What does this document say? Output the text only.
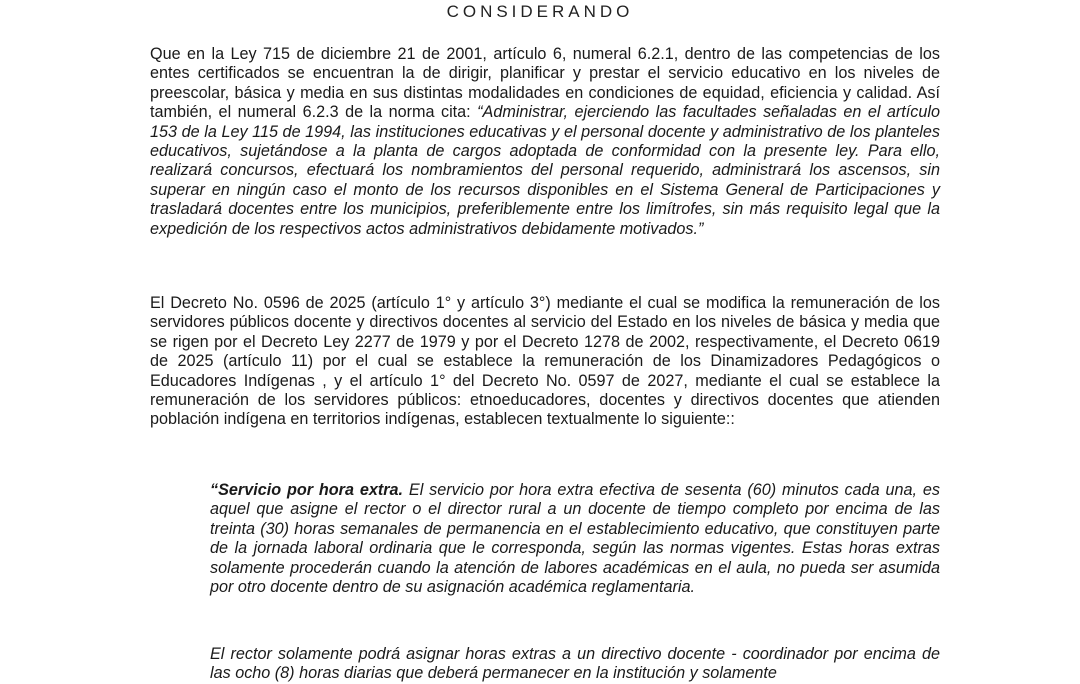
CONSIDERANDO
Que en la Ley 715 de diciembre 21 de 2001, artículo 6, numeral 6.2.1, dentro de las competencias de los entes certificados se encuentran la de dirigir, planificar y prestar el servicio educativo en los niveles de preescolar, básica y media en sus distintas modalidades en condiciones de equidad, eficiencia y calidad. Así también, el numeral 6.2.3 de la norma cita: “Administrar, ejerciendo las facultades señaladas en el artículo 153 de la Ley 115 de 1994, las instituciones educativas y el personal docente y administrativo de los planteles educativos, sujetándose a la planta de cargos adoptada de conformidad con la presente ley. Para ello, realizará concursos, efectuará los nombramientos del personal requerido, administrará los ascensos, sin superar en ningún caso el monto de los recursos disponibles en el Sistema General de Participaciones y trasladará docentes entre los municipios, preferiblemente entre los limítrofes, sin más requisito legal que la expedición de los respectivos actos administrativos debidamente motivados.”
El Decreto No. 0596 de 2025 (artículo 1° y artículo 3°) mediante el cual se modifica la remuneración de los servidores públicos docente y directivos docentes al servicio del Estado en los niveles de básica y media que se rigen por el Decreto Ley 2277 de 1979 y por el Decreto 1278 de 2002, respectivamente, el Decreto 0619 de 2025 (artículo 11) por el cual se establece la remuneración de los Dinamizadores Pedagógicos o Educadores Indígenas , y el artículo 1° del Decreto No. 0597 de 2027, mediante el cual se establece la remuneración de los servidores públicos: etnoeducadores, docentes y directivos docentes que atienden población indígena en territorios indígenas, establecen textualmente lo siguiente::
“Servicio por hora extra. El servicio por hora extra efectiva de sesenta (60) minutos cada una, es aquel que asigne el rector o el director rural a un docente de tiempo completo por encima de las treinta (30) horas semanales de permanencia en el establecimiento educativo, que constituyen parte de la jornada laboral ordinaria que le corresponda, según las normas vigentes. Estas horas extras solamente procederán cuando la atención de labores académicas en el aula, no pueda ser asumida por otro docente dentro de su asignación académica reglamentaria.
El rector solamente podrá asignar horas extras a un directivo docente - coordinador por encima de las ocho (8) horas diarias que deberá permanecer en la institución y solamente
